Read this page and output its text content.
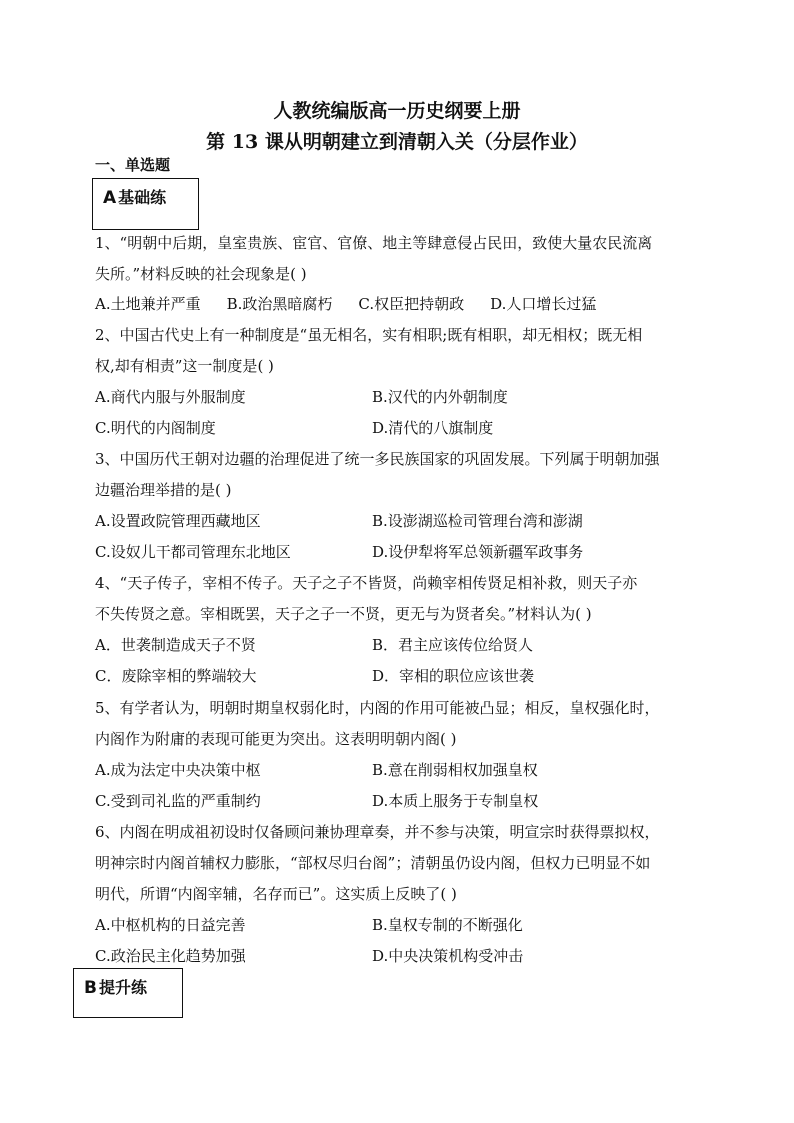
人教统编版高一历史纲要上册
第 13 课从明朝建立到清朝入关（分层作业）
一、单选题
A 基础练
1、“明朝中后期，皇室贵族、宦官、官僚、地主等肆意侵占民田，致使大量农民流离
失所。”材料反映的社会现象是( )
A.土地兼并严重 B.政治黑暗腐朽 C.权臣把持朝政 D.人口增长过猛
2、中国古代史上有一种制度是“虽无相名，实有相职;既有相职，却无相权；既无相
权,却有相责”这一制度是( )
A.商代内服与外服制度	B.汉代的内外朝制度
C.明代的内阁制度	D.清代的八旗制度
3、中国历代王朝对边疆的治理促进了统一多民族国家的巩固发展。下列属于明朝加强
边疆治理举措的是( )
A.设置政院管理西藏地区	B.设澎湖巡检司管理台湾和澎湖
C.设奴儿干都司管理东北地区	D.设伊犁将军总领新疆军政事务
4、“天子传子，宰相不传子。天子之子不皆贤，尚赖宰相传贤足相补救，则天子亦
不失传贤之意。宰相既罢，天子之子一不贤，更无与为贤者矣。”材料认为( )
A．世袭制造成天子不贤	B．君主应该传位给贤人
C．废除宰相的弊端较大	D．宰相的职位应该世袭
5、有学者认为，明朝时期皇权弱化时，内阁的作用可能被凸显；相反，皇权强化时，
内阁作为附庸的表现可能更为突出。这表明明朝内阁( )
A.成为法定中央决策中枢	B.意在削弱相权加强皇权
C.受到司礼监的严重制约	D.本质上服务于专制皇权
6、内阁在明成祖初设时仅备顾问兼协理章奏，并不参与决策，明宣宗时获得票拟权，
明神宗时内阁首辅权力膨胀，“部权尽归台阁”；清朝虽仍设内阁，但权力已明显不如
明代，所谓“内阁宰辅，名存而已”。这实质上反映了( )
A.中枢机构的日益完善	B.皇权专制的不断强化
C.政治民主化趋势加强	D.中央决策机构受冲击
B 提升练
